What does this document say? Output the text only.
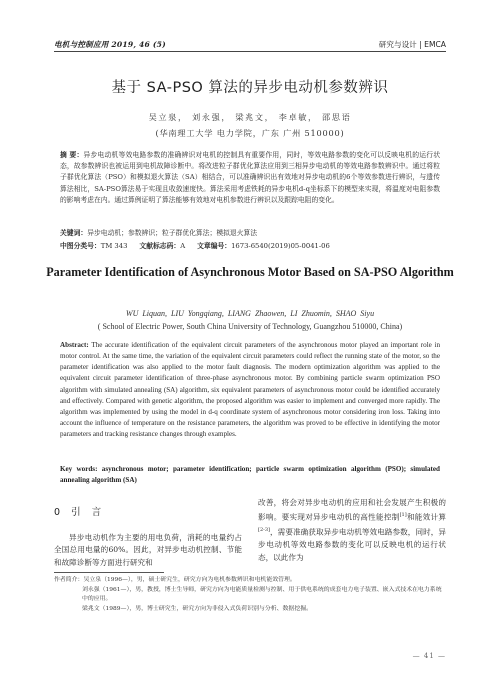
电机与控制应用 2019, 46 (5)	研究与设计 | EMCA
基于 SA-PSO 算法的异步电动机参数辨识
吴立泉， 刘永强， 梁兆文， 李卓敏， 邵思语
(华南理工大学 电力学院，广东 广州 510000)
摘 要：异步电动机等效电路参数的准确辨识对电机的控制具有重要作用，同时，等效电路参数的变化可以反映电机的运行状态，故参数辨识也被运用到电机故障诊断中。将改进粒子群优化算法应用到三相异步电动机的等效电路参数辨识中。通过将粒子群优化算法（PSO）和模拟退火算法（SA）相结合，可以准确辨识出有效地对异步电动机的6个等效参数进行辨识，与遗传算法相比，SA-PSO算法易于实现且收敛速度快。算法采用考虑铁耗的异步电机d-q坐标系下的模型来实现，将温度对电阻参数的影响考虑在内。通过算例证明了算法能够有效地对电机参数进行辨识以及跟踪电阻的变化。
关键词：异步电动机；参数辨识；粒子群优化算法；模拟退火算法
中图分类号：TM 343 文献标志码：A 文章编号：1673-6540(2019)05-0041-06
Parameter Identification of Asynchronous Motor Based on SA-PSO Algorithm
WU Liquan, LIU Yongqiang, LIANG Zhaowen, LI Zhuomin, SHAO Siyu
( School of Electric Power, South China University of Technology, Guangzhou 510000, China)
Abstract: The accurate identification of the equivalent circuit parameters of the asynchronous motor played an important role in motor control. At the same time, the variation of the equivalent circuit parameters could reflect the running state of the motor, so the parameter identification was also applied to the motor fault diagnosis. The modern optimization algorithm was applied to the equivalent circuit parameter identification of three-phase asynchronous motor. By combining particle swarm optimization PSO algorithm with simulated annealing (SA) algorithm, six equivalent parameters of asynchronous motor could be identified accurately and effectively. Compared with genetic algorithm, the proposed algorithm was easier to implement and converged more rapidly. The algorithm was implemented by using the model in d-q coordinate system of asynchronous motor considering iron loss. Taking into account the influence of temperature on the resistance parameters, the algorithm was proved to be effective in identifying the motor parameters and tracking resistance changes through examples.
Key words: asynchronous motor; parameter identification; particle swarm optimization algorithm (PSO); simulated annealing algorithm (SA)
0 引 言
异步电动机作为主要的用电负荷，消耗的电量约占全国总用电量的60%。因此，对异步电动机控制、节能和故障诊断等方面进行研究和
改善，将会对异步电动机的应用和社会发展产生积极的影响。要实现对异步电动机的高性能控制[1]和能效计算[2-3]，需要准确获取异步电动机等效电路参数，同时，异步电动机等效电路参数的变化可以反映电机的运行状态，以此作为
作者简介：吴立泉（1996—），男，硕士研究生，研究方向为电机参数辨识和电机能效管理。
刘永强（1961—），男，教授，博士生导师，研究方向为电能质量检测与控制、用于供电系统的成套电力电子装置、嵌入式技术在电力系统中的应用。
梁兆文（1989—），男，博士研究生，研究方向为非侵入式负荷识别与分析、数据挖掘。
— 41 —
